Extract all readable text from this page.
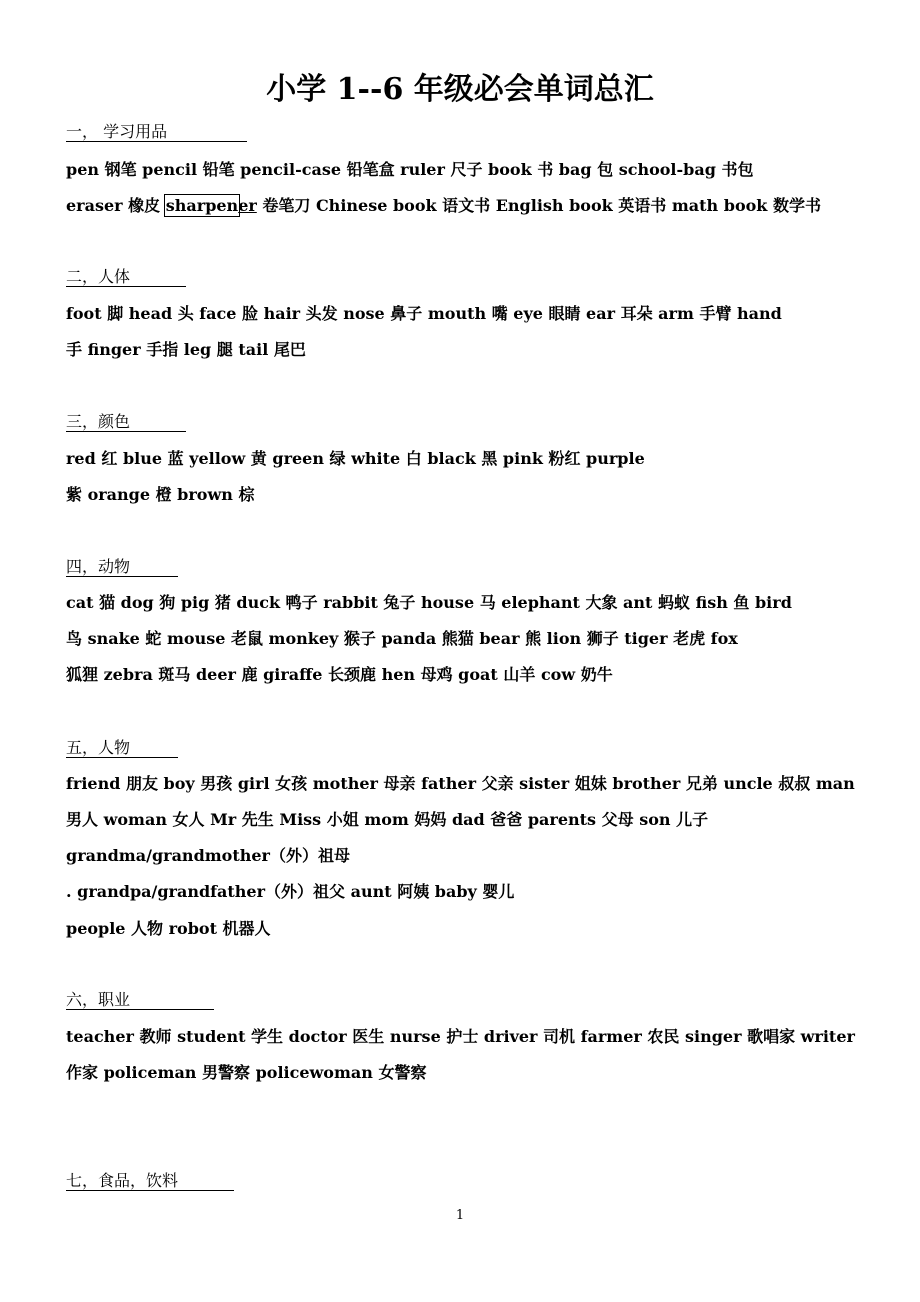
小学 1--6 年级必会单词总汇
一， 学习用品
pen 钢笔 pencil 铅笔 pencil-case 铅笔盒 ruler 尺子 book 书 bag 包 school-bag 书包
eraser 橡皮 sharpener 卷笔刀 Chinese book 语文书 English book 英语书 math book 数学书
二，人体
foot 脚 head 头 face 脸 hair 头发 nose 鼻子 mouth 嘴 eye 眼睛 ear 耳朵 arm 手臂 hand
手 finger 手指 leg 腿 tail 尾巴
三，颜色
red 红 blue 蓝 yellow 黄 green 绿 white 白 black 黑 pink 粉红 purple
紫 orange 橙 brown 棕
四，动物
cat 猫 dog 狗 pig 猪 duck 鸭子 rabbit 兔子 house 马 elephant 大象 ant 蚂蚁 fish 鱼 bird
鸟 snake 蛇 mouse 老鼠 monkey 猴子 panda 熊猫 bear 熊 lion 狮子 tiger 老虎 fox
狐狸 zebra 斑马 deer 鹿 giraffe 长颈鹿 hen 母鸡 goat 山羊 cow 奶牛
五，人物
friend 朋友 boy 男孩 girl 女孩 mother 母亲 father 父亲 sister 姐妹 brother 兄弟 uncle 叔叔 man
男人 woman 女人 Mr 先生 Miss 小姐 mom 妈妈 dad 爸爸 parents 父母 son 儿子
grandma/grandmother（外）祖母
. grandpa/grandfather（外）祖父 aunt 阿姨 baby 婴儿
people 人物 robot 机器人
六，职业
teacher 教师 student 学生 doctor 医生 nurse 护士 driver 司机 farmer 农民 singer 歌唱家 writer
作家 policeman 男警察 policewoman 女警察
七，食品，饮料
1
